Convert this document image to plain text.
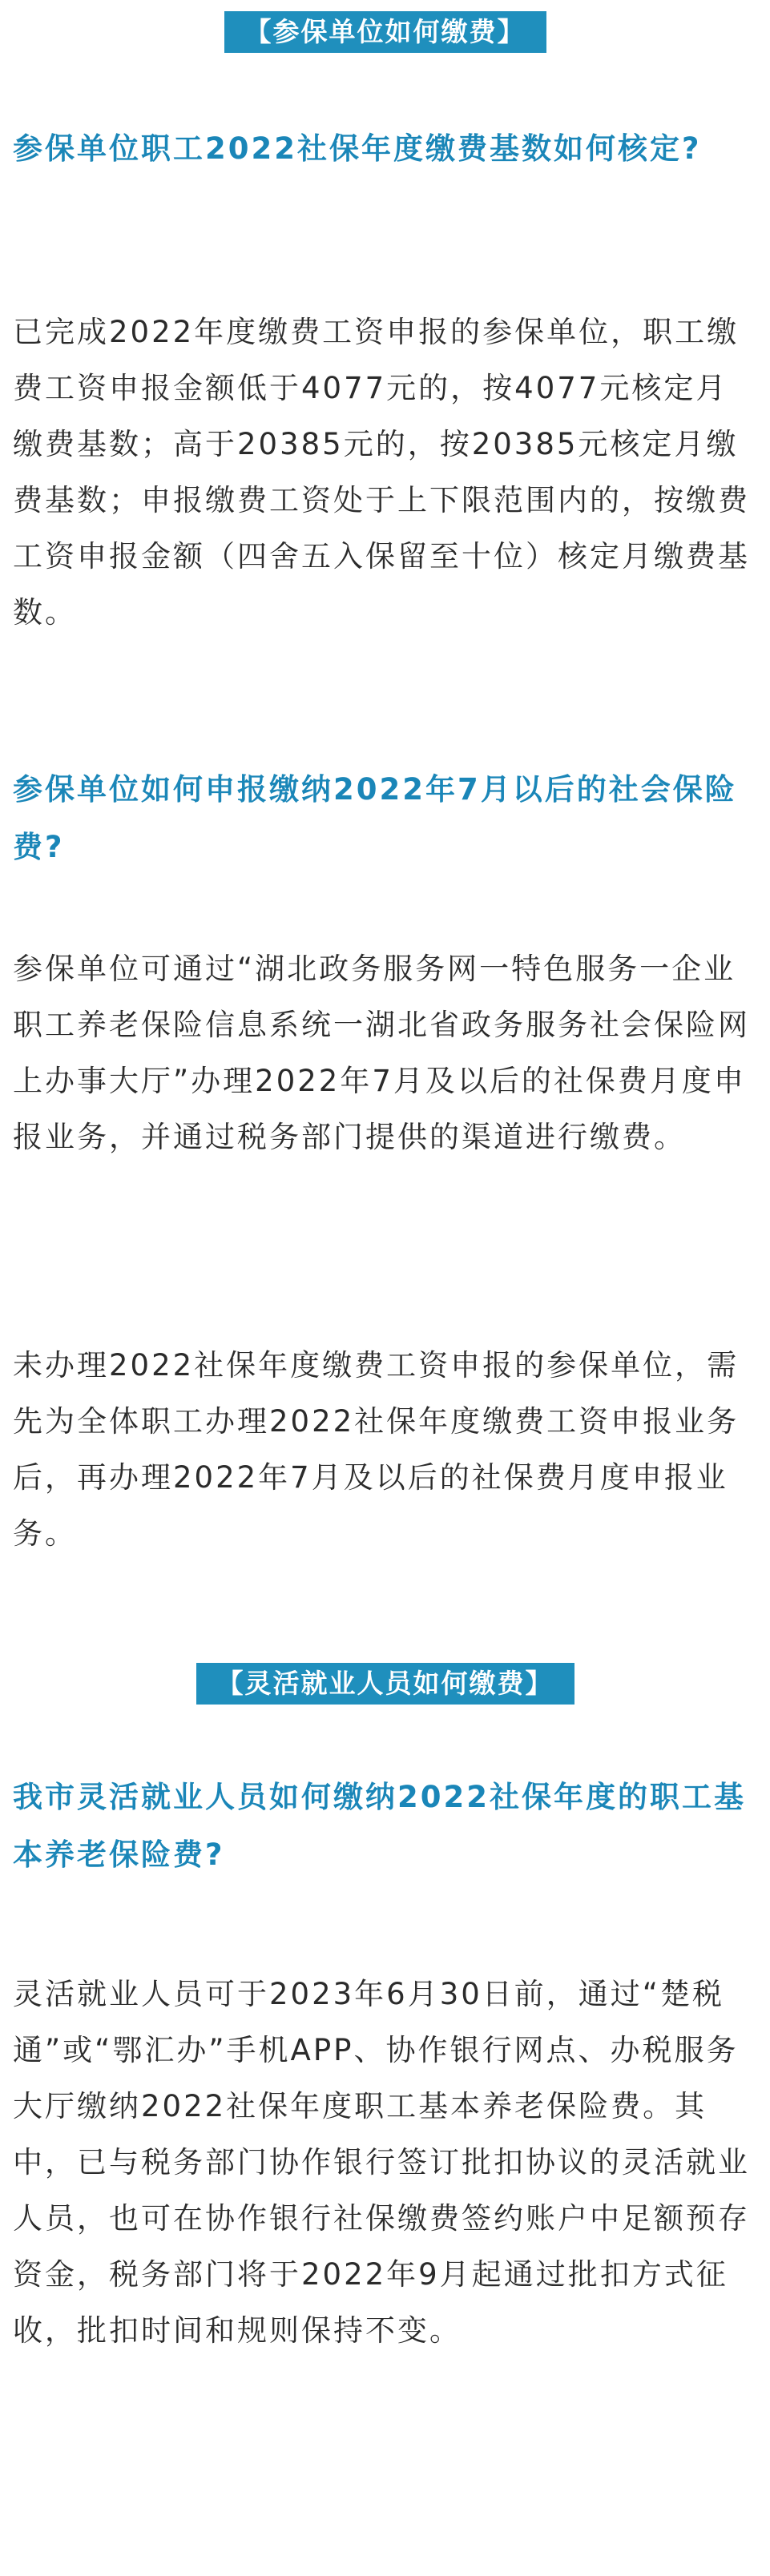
【参保单位如何缴费】
参保单位职工2022社保年度缴费基数如何核定?
已完成2022年度缴费工资申报的参保单位，职工缴费工资申报金额低于4077元的，按4077元核定月缴费基数；高于20385元的，按20385元核定月缴费基数；申报缴费工资处于上下限范围内的，按缴费工资申报金额（四舍五入保留至十位）核定月缴费基数。
参保单位如何申报缴纳2022年7月以后的社会保险费?
参保单位可通过“湖北政务服务网一特色服务一企业职工养老保险信息系统一湖北省政务服务社会保险网上办事大厅”办理2022年7月及以后的社保费月度申报业务，并通过税务部门提供的渠道进行缴费。
未办理2022社保年度缴费工资申报的参保单位，需先为全体职工办理2022社保年度缴费工资申报业务后，再办理2022年7月及以后的社保费月度申报业务。
【灵活就业人员如何缴费】
我市灵活就业人员如何缴纳2022社保年度的职工基本养老保险费?
灵活就业人员可于2023年6月30日前，通过“楚税通”或“鄂汇办”手机APP、协作银行网点、办税服务大厅缴纳2022社保年度职工基本养老保险费。其中，已与税务部门协作银行签订批扣协议的灵活就业人员，也可在协作银行社保缴费签约账户中足额预存资金，税务部门将于2022年9月起通过批扣方式征收，批扣时间和规则保持不变。
